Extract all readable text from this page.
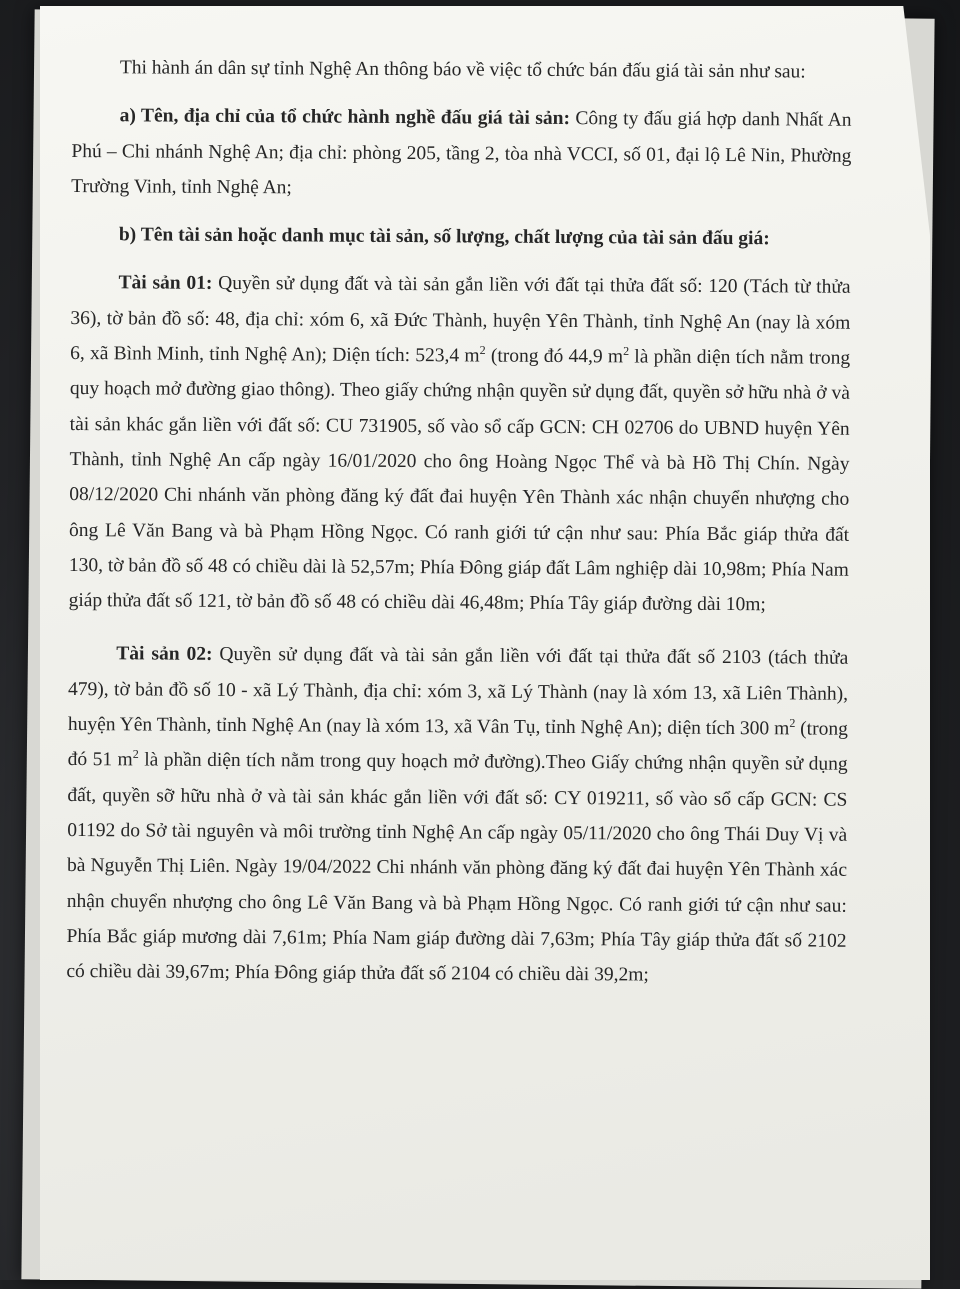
Thi hành án dân sự tỉnh Nghệ An thông báo về việc tổ chức bán đấu giá tài sản như sau:

a) Tên, địa chỉ của tổ chức hành nghề đấu giá tài sản: Công ty đấu giá hợp danh Nhất An Phú – Chi nhánh Nghệ An; địa chỉ: phòng 205, tầng 2, tòa nhà VCCI, số 01, đại lộ Lê Nin, Phường Trường Vinh, tỉnh Nghệ An;

b) Tên tài sản hoặc danh mục tài sản, số lượng, chất lượng của tài sản đấu giá:

Tài sản 01: Quyền sử dụng đất và tài sản gắn liền với đất tại thửa đất số: 120 (Tách từ thửa 36), tờ bản đồ số: 48, địa chỉ: xóm 6, xã Đức Thành, huyện Yên Thành, tỉnh Nghệ An (nay là xóm 6, xã Bình Minh, tỉnh Nghệ An); Diện tích: 523,4 $m^2$ (trong đó 44,9 $m^2$ là phần diện tích nằm trong quy hoạch mở đường giao thông). Theo giấy chứng nhận quyền sử dụng đất, quyền sở hữu nhà ở và tài sản khác gắn liền với đất số: CU 731905, số vào sổ cấp GCN: CH 02706 do UBND huyện Yên Thành, tỉnh Nghệ An cấp ngày 16/01/2020 cho ông Hoàng Ngọc Thể và bà Hồ Thị Chín. Ngày 08/12/2020 Chi nhánh văn phòng đăng ký đất đai huyện Yên Thành xác nhận chuyển nhượng cho ông Lê Văn Bang và bà Phạm Hồng Ngọc. Có ranh giới tứ cận như sau: Phía Bắc giáp thửa đất 130, tờ bản đồ số 48 có chiều dài là 52,57m; Phía Đông giáp đất Lâm nghiệp dài 10,98m; Phía Nam giáp thửa đất số 121, tờ bản đồ số 48 có chiều dài 46,48m; Phía Tây giáp đường dài 10m;

Tài sản 02: Quyền sử dụng đất và tài sản gắn liền với đất tại thửa đất số 2103 (tách thửa 479), tờ bản đồ số 10 - xã Lý Thành, địa chỉ: xóm 3, xã Lý Thành (nay là xóm 13, xã Liên Thành), huyện Yên Thành, tỉnh Nghệ An (nay là xóm 13, xã Vân Tụ, tỉnh Nghệ An); diện tích 300 $m^2$ (trong đó 51 $m^2$ là phần diện tích nằm trong quy hoạch mở đường).Theo Giấy chứng nhận quyền sử dụng đất, quyền sỡ hữu nhà ở và tài sản khác gắn liền với đất số: CY 019211, số vào sổ cấp GCN: CS 01192 do Sở tài nguyên và môi trường tỉnh Nghệ An cấp ngày 05/11/2020 cho ông Thái Duy Vị và bà Nguyễn Thị Liên. Ngày 19/04/2022 Chi nhánh văn phòng đăng ký đất đai huyện Yên Thành xác nhận chuyển nhượng cho ông Lê Văn Bang và bà Phạm Hồng Ngọc. Có ranh giới tứ cận như sau: Phía Bắc giáp mương dài 7,61m; Phía Nam giáp đường dài 7,63m; Phía Tây giáp thửa đất số 2102 có chiều dài 39,67m; Phía Đông giáp thửa đất số 2104 có chiều dài 39,2m;
